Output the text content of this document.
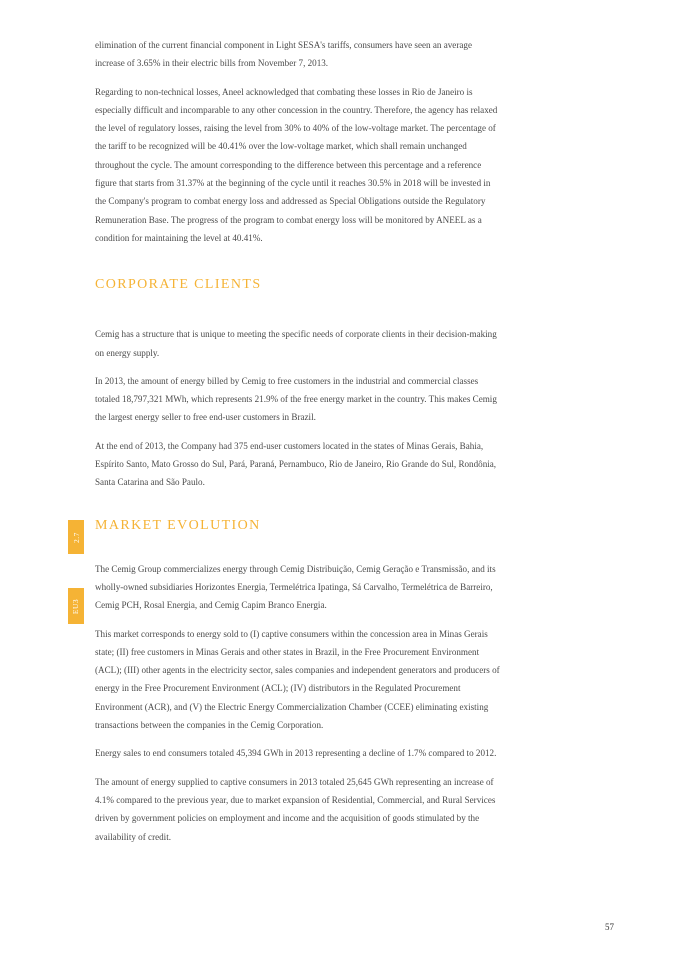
elimination of the current financial component in Light SESA's tariffs, consumers have seen an average increase of 3.65% in their electric bills from November 7, 2013.

Regarding to non-technical losses, Aneel acknowledged that combating these losses in Rio de Janeiro is especially difficult and incomparable to any other concession in the country. Therefore, the agency has relaxed the level of regulatory losses, raising the level from 30% to 40% of the low-voltage market. The percentage of the tariff to be recognized will be 40.41% over the low-voltage market, which shall remain unchanged throughout the cycle. The amount corresponding to the difference between this percentage and a reference figure that starts from 31.37% at the beginning of the cycle until it reaches 30.5% in 2018 will be invested in the Company's program to combat energy loss and addressed as Special Obligations outside the Regulatory Remuneration Base. The progress of the program to combat energy loss will be monitored by ANEEL as a condition for maintaining the level at 40.41%.

CORPORATE CLIENTS

Cemig has a structure that is unique to meeting the specific needs of corporate clients in their decision-making on energy supply.

In 2013, the amount of energy billed by Cemig to free customers in the industrial and commercial classes totaled 18,797,321 MWh, which represents 21.9% of the free energy market in the country. This makes Cemig the largest energy seller to free end-user customers in Brazil.

At the end of 2013, the Company had 375 end-user customers located in the states of Minas Gerais, Bahia, Espírito Santo, Mato Grosso do Sul, Pará, Paraná, Pernambuco, Rio de Janeiro, Rio Grande do Sul, Rondônia, Santa Catarina and São Paulo.

MARKET EVOLUTION

The Cemig Group commercializes energy through Cemig Distribuição, Cemig Geração e Transmissão, and its wholly-owned subsidiaries Horizontes Energia, Termelétrica Ipatinga, Sá Carvalho, Termelétrica de Barreiro, Cemig PCH, Rosal Energia, and Cemig Capim Branco Energia.

This market corresponds to energy sold to (I) captive consumers within the concession area in Minas Gerais state; (II) free customers in Minas Gerais and other states in Brazil, in the Free Procurement Environment (ACL); (III) other agents in the electricity sector, sales companies and independent generators and producers of energy in the Free Procurement Environment (ACL); (IV) distributors in the Regulated Procurement Environment (ACR), and (V) the Electric Energy Commercialization Chamber (CCEE) eliminating existing transactions between the companies in the Cemig Corporation.

Energy sales to end consumers totaled 45,394 GWh in 2013 representing a decline of 1.7% compared to 2012.

The amount of energy supplied to captive consumers in 2013 totaled 25,645 GWh representing an increase of 4.1% compared to the previous year, due to market expansion of Residential, Commercial, and Rural Services driven by government policies on employment and income and the acquisition of goods stimulated by the availability of credit.

2.7
EU3
57
